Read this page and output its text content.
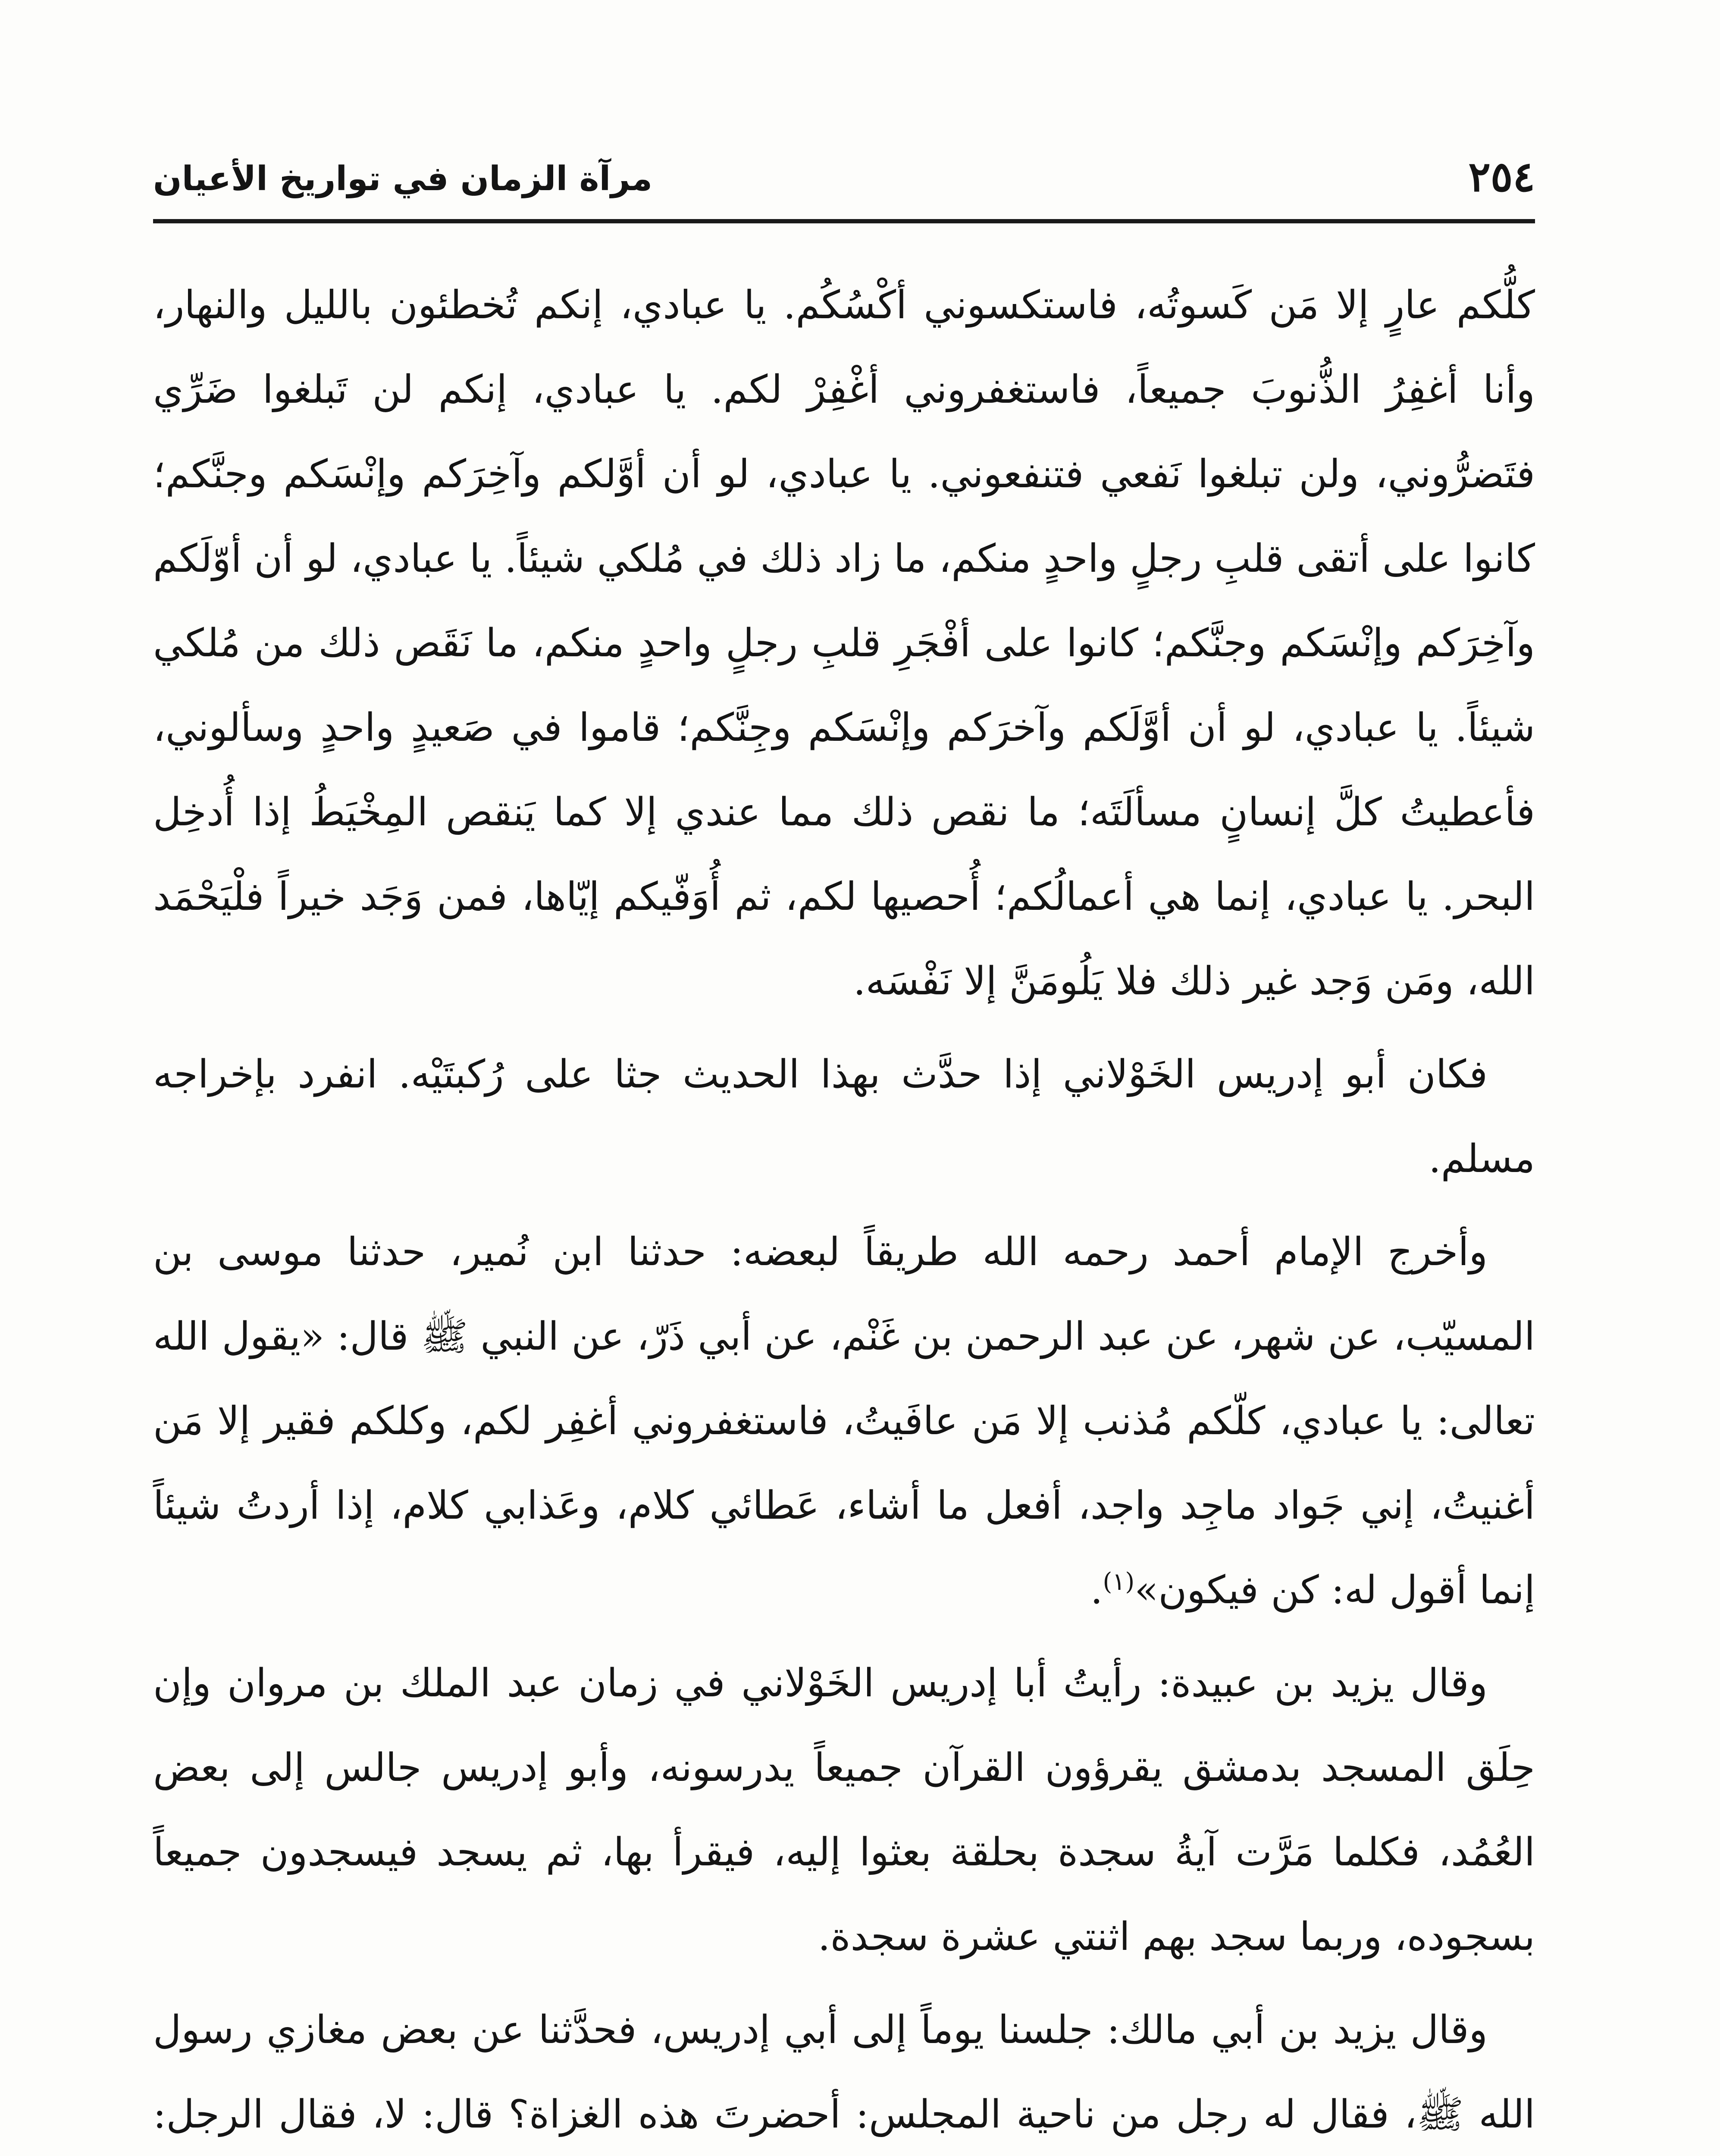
٢٥٤
مرآة الزمان في تواريخ الأعيان

كلُّكم عارٍ إلا مَن كَسوتُه، فاستكسوني أكْسُكُم. يا عبادي، إنكم تُخطئون بالليل والنهار، وأنا أغفِرُ الذُّنوبَ جميعاً، فاستغفروني أغْفِرْ لكم. يا عبادي، إنكم لن تَبلغوا ضَرِّي فتَضرُّوني، ولن تبلغوا نَفعي فتنفعوني. يا عبادي، لو أن أوَّلكم وآخِرَكم وإنْسَكم وجنَّكم؛ كانوا على أتقى قلبِ رجلٍ واحدٍ منكم، ما زاد ذلك في مُلكي شيئاً. يا عبادي، لو أن أوّلَكم وآخِرَكم وإنْسَكم وجنَّكم؛ كانوا على أفْجَرِ قلبِ رجلٍ واحدٍ منكم، ما نَقَص ذلك من مُلكي شيئاً. يا عبادي، لو أن أوَّلَكم وآخرَكم وإنْسَكم وجِنَّكم؛ قاموا في صَعيدٍ واحدٍ وسألوني، فأعطيتُ كلَّ إنسانٍ مسألَتَه؛ ما نقص ذلك مما عندي إلا كما يَنقص المِخْيَطُ إذا أُدخِل البحر. يا عبادي، إنما هي أعمالُكم؛ أُحصيها لكم، ثم أُوَفّيكم إيّاها، فمن وَجَد خيراً فلْيَحْمَد الله، ومَن وَجد غير ذلك فلا يَلُومَنَّ إلا نَفْسَه.

فكان أبو إدريس الخَوْلاني إذا حدَّث بهذا الحديث جثا على رُكبتَيْه. انفرد بإخراجه مسلم.

وأخرج الإمام أحمد رحمه الله طريقاً لبعضه: حدثنا ابن نُمير، حدثنا موسى بن المسيّب، عن شهر، عن عبد الرحمن بن غَنْم، عن أبي ذَرّ، عن النبي ﷺ قال: «يقول الله تعالى: يا عبادي، كلّكم مُذنب إلا مَن عافَيتُ، فاستغفروني أغفِر لكم، وكلكم فقير إلا مَن أغنيتُ، إني جَواد ماجِد واجد، أفعل ما أشاء، عَطائي كلام، وعَذابي كلام، إذا أردتُ شيئاً إنما أقول له: كن فيكون»$^{(١)}$.

وقال يزيد بن عبيدة: رأيتُ أبا إدريس الخَوْلاني في زمان عبد الملك بن مروان وإن حِلَق المسجد بدمشق يقرؤون القرآن جميعاً يدرسونه، وأبو إدريس جالس إلى بعض العُمُد، فكلما مَرَّت آيةُ سجدة بحلقة بعثوا إليه، فيقرأ بها، ثم يسجد فيسجدون جميعاً بسجوده، وربما سجد بهم اثنتي عشرة سجدة.

وقال يزيد بن أبي مالك: جلسنا يوماً إلى أبي إدريس، فحدَّثنا عن بعض مغازي رسول الله ﷺ، فقال له رجل من ناحية المجلس: أحضرتَ هذه الغزاة؟ قال: لا، فقال الرجل:
